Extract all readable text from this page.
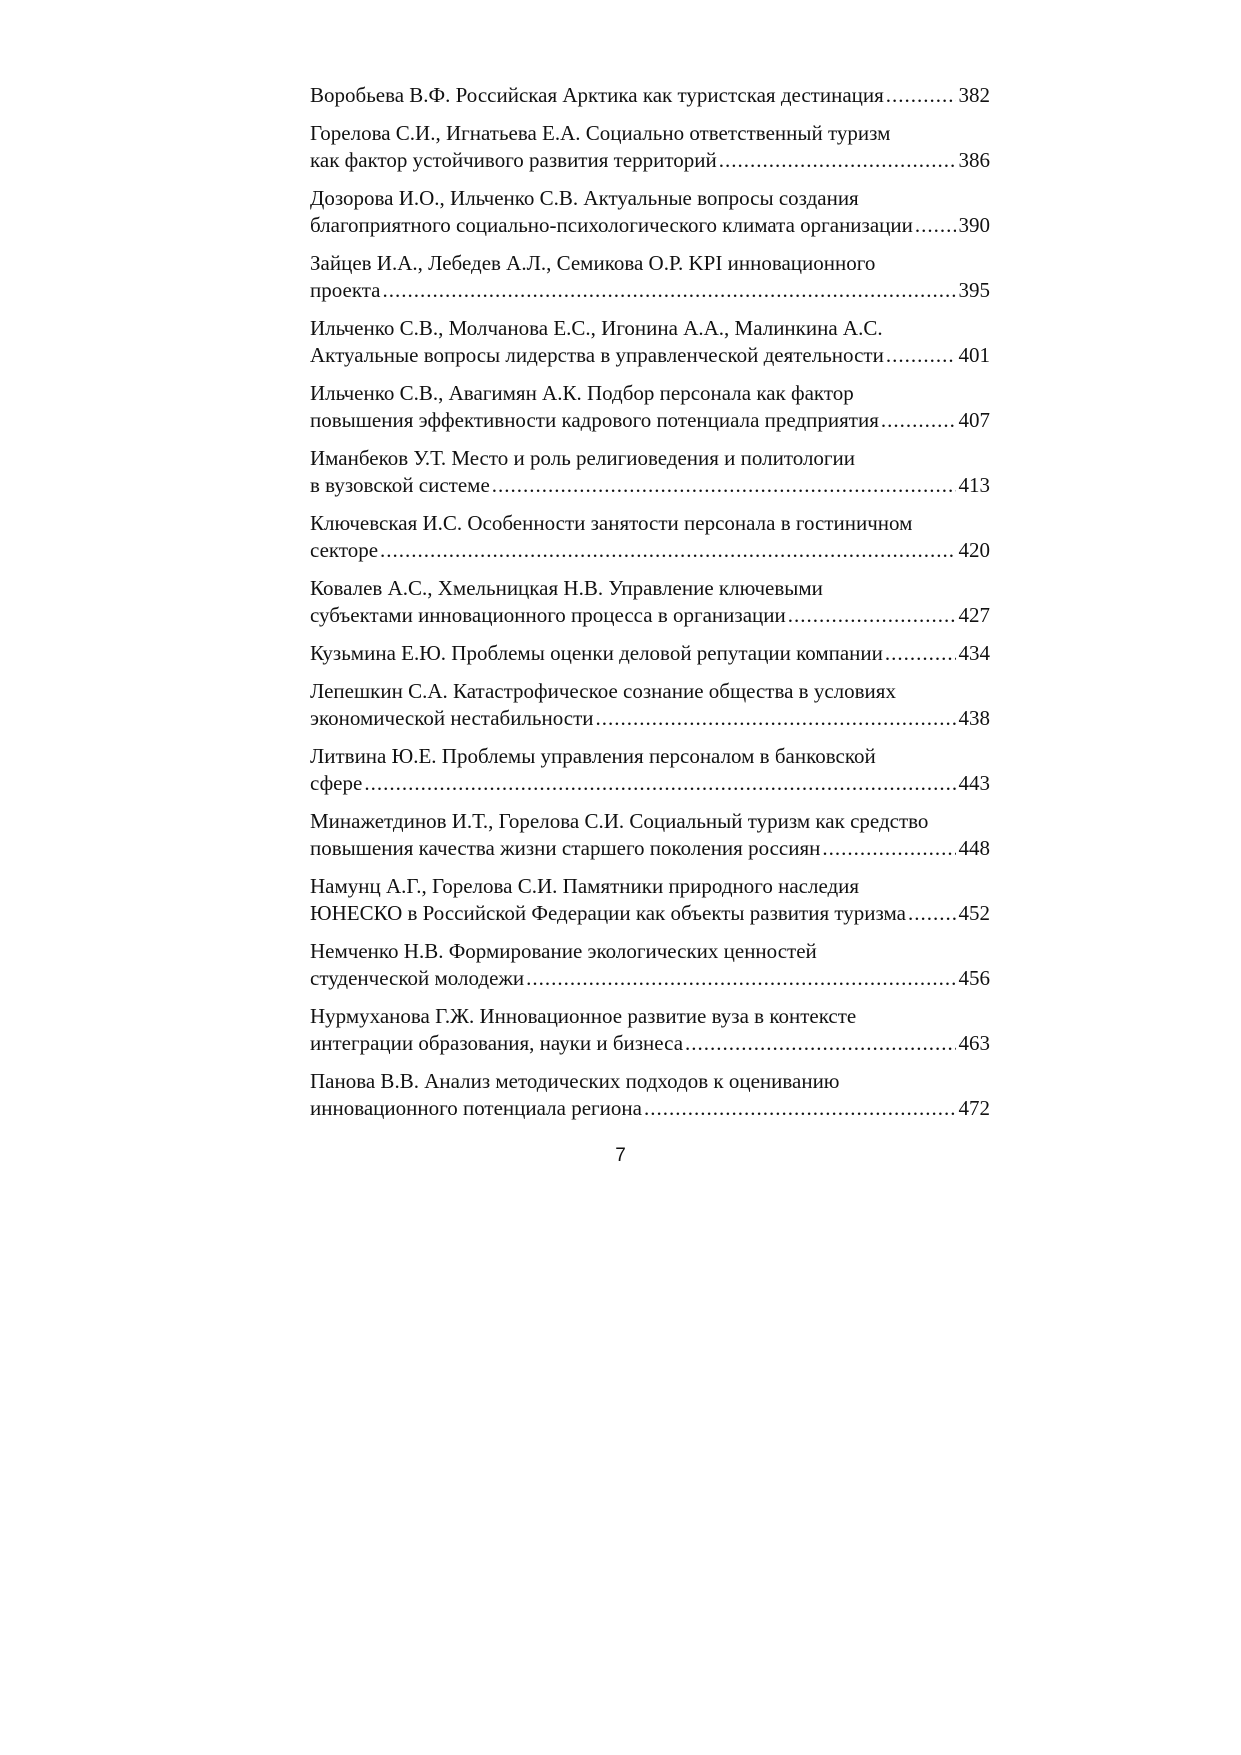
Воробьева В.Ф. Российская Арктика как туристская дестинация .....	382
Горелова С.И., Игнатьева Е.А. Социально ответственный туризм
как фактор устойчивого развития территорий .....	386
Дозорова И.О., Ильченко С.В. Актуальные вопросы создания
благоприятного социально-психологического климата организации ..... 390
Зайцев И.А., Лебедев А.Л., Семикова О.Р. KPI инновационного
проекта .....	395
Ильченко С.В., Молчанова Е.С., Игонина А.А., Малинкина А.С.
Актуальные вопросы лидерства в управленческой деятельности .....	401
Ильченко С.В., Авагимян А.К. Подбор персонала как фактор
повышения эффективности кадрового потенциала предприятия .....	407
Иманбеков У.Т. Место и роль религиоведения и политологии
в вузовской системе .....	413
Ключевская И.С. Особенности занятости персонала в гостиничном
секторе .....	420
Ковалев А.С., Хмельницкая Н.В. Управление ключевыми
субъектами инновационного процесса в организации .....	427
Кузьмина Е.Ю. Проблемы оценки деловой репутации компании .....	434
Лепешкин С.А. Катастрофическое сознание общества в условиях
экономической нестабильности .....	438
Литвина Ю.Е. Проблемы управления персоналом в банковской
сфере .....	443
Минажетдинов И.Т., Горелова С.И. Социальный туризм как средство
повышения качества жизни старшего поколения россиян .....	448
Намунц А.Г., Горелова С.И. Памятники природного наследия
ЮНЕСКО в Российской Федерации как объекты развития туризма .....	452
Немченко Н.В. Формирование экологических ценностей
студенческой молодежи .....	456
Нурмуханова Г.Ж. Инновационное развитие вуза в контексте
интеграции образования, науки и бизнеса .....	463
Панова В.В. Анализ методических подходов к оцениванию
инновационного потенциала региона .....	472
7
